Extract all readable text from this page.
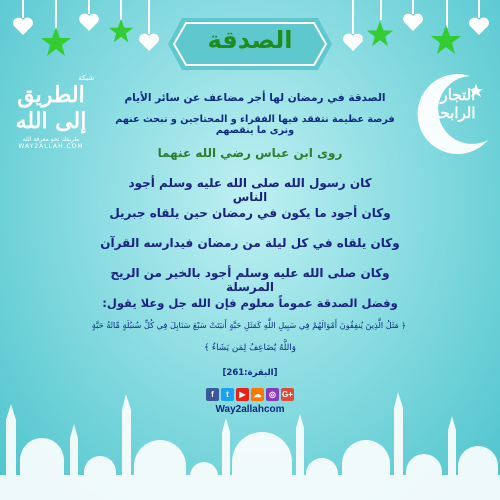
الصدقة
شبكة
الطريق إلى الله
طريقك نحو معرفة الله
WAY2ALLAH.COM
التجارة
الرابحة
الصدقة في رمضان لها أجر مضاعف عن سائر الأيام
فرصة عظيمة نتفقد فيها الفقراء و المحتاجين و نبحث عنهم ونرى ما ينقصهم
روى ابن عباس رضي الله عنهما
كان رسول الله صلى الله عليه وسلم أجود الناس
وكان أجود ما يكون في رمضان حين يلقاه جبريل
وكان يلقاه في كل ليلة من رمضان فيدارسه القرآن
وكان صلى الله عليه وسلم أجود بالخير من الريح المرسلة
وفضل الصدقة عموماً معلوم فإن الله جل وعلا يقول:
﴿ مَثَلُ الَّذِينَ يُنفِقُونَ أَمْوَالَهُمْ فِي سَبِيلِ اللَّهِ كَمَثَلِ حَبَّةٍ أَنبَتَتْ سَبْعَ سَنَابِلَ فِي كُلِّ سُنبُلَةٍ مِّائَةُ حَبَّةٍ
وَاللَّهُ يُضَاعِفُ لِمَن يَشَاءُ ﴾
[البقرة:261]
f	t	▶ ☁ ◎ G+
Way2allahcom
